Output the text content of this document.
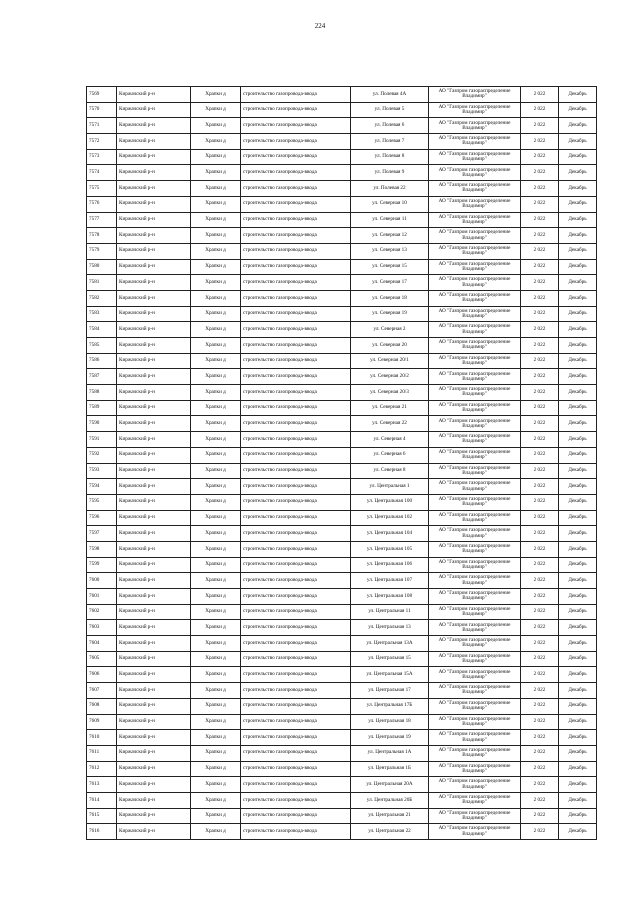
224
7569	Киржачский р-н	Храпки д	строительство газопровода-ввода	ул. Полевая 4А	АО "Газпром газораспределение Владимир"	2 022	Декабрь
7570	Киржачский р-н	Храпки д	строительство газопровода-ввода	ул. Полевая 5	АО "Газпром газораспределение Владимир"	2 022	Декабрь
7571	Киржачский р-н	Храпки д	строительство газопровода-ввода	ул. Полевая 6	АО "Газпром газораспределение Владимир"	2 022	Декабрь
7572	Киржачский р-н	Храпки д	строительство газопровода-ввода	ул. Полевая 7	АО "Газпром газораспределение Владимир"	2 022	Декабрь
7573	Киржачский р-н	Храпки д	строительство газопровода-ввода	ул. Полевая 8	АО "Газпром газораспределение Владимир"	2 022	Декабрь
7574	Киржачский р-н	Храпки д	строительство газопровода-ввода	ул. Полевая 9	АО "Газпром газораспределение Владимир"	2 022	Декабрь
7575	Киржачский р-н	Храпки д	строительство газопровода-ввода	ул. Полевая 22	АО "Газпром газораспределение Владимир"	2 022	Декабрь
7576	Киржачский р-н	Храпки д	строительство газопровода-ввода	ул. Северная 10	АО "Газпром газораспределение Владимир"	2 022	Декабрь
7577	Киржачский р-н	Храпки д	строительство газопровода-ввода	ул. Северная 11	АО "Газпром газораспределение Владимир"	2 022	Декабрь
7578	Киржачский р-н	Храпки д	строительство газопровода-ввода	ул. Северная 12	АО "Газпром газораспределение Владимир"	2 022	Декабрь
7579	Киржачский р-н	Храпки д	строительство газопровода-ввода	ул. Северная 13	АО "Газпром газораспределение Владимир"	2 022	Декабрь
7580	Киржачский р-н	Храпки д	строительство газопровода-ввода	ул. Северная 15	АО "Газпром газораспределение Владимир"	2 022	Декабрь
7581	Киржачский р-н	Храпки д	строительство газопровода-ввода	ул. Северная 17	АО "Газпром газораспределение Владимир"	2 022	Декабрь
7582	Киржачский р-н	Храпки д	строительство газопровода-ввода	ул. Северная 18	АО "Газпром газораспределение Владимир"	2 022	Декабрь
7583	Киржачский р-н	Храпки д	строительство газопровода-ввода	ул. Северная 19	АО "Газпром газораспределение Владимир"	2 022	Декабрь
7584	Киржачский р-н	Храпки д	строительство газопровода-ввода	ул. Северная 2	АО "Газпром газораспределение Владимир"	2 022	Декабрь
7585	Киржачский р-н	Храпки д	строительство газопровода-ввода	ул. Северная 20	АО "Газпром газораспределение Владимир"	2 022	Декабрь
7586	Киржачский р-н	Храпки д	строительство газопровода-ввода	ул. Северная 20/1	АО "Газпром газораспределение Владимир"	2 022	Декабрь
7587	Киржачский р-н	Храпки д	строительство газопровода-ввода	ул. Северная 20/2	АО "Газпром газораспределение Владимир"	2 022	Декабрь
7588	Киржачский р-н	Храпки д	строительство газопровода-ввода	ул. Северная 20/3	АО "Газпром газораспределение Владимир"	2 022	Декабрь
7589	Киржачский р-н	Храпки д	строительство газопровода-ввода	ул. Северная 21	АО "Газпром газораспределение Владимир"	2 022	Декабрь
7590	Киржачский р-н	Храпки д	строительство газопровода-ввода	ул. Северная 22	АО "Газпром газораспределение Владимир"	2 022	Декабрь
7591	Киржачский р-н	Храпки д	строительство газопровода-ввода	ул. Северная 4	АО "Газпром газораспределение Владимир"	2 022	Декабрь
7592	Киржачский р-н	Храпки д	строительство газопровода-ввода	ул. Северная 6	АО "Газпром газораспределение Владимир"	2 022	Декабрь
7593	Киржачский р-н	Храпки д	строительство газопровода-ввода	ул. Северная 8	АО "Газпром газораспределение Владимир"	2 022	Декабрь
7594	Киржачский р-н	Храпки д	строительство газопровода-ввода	ул. Центральная 1	АО "Газпром газораспределение Владимир"	2 022	Декабрь
7595	Киржачский р-н	Храпки д	строительство газопровода-ввода	ул. Центральная 100	АО "Газпром газораспределение Владимир"	2 022	Декабрь
7596	Киржачский р-н	Храпки д	строительство газопровода-ввода	ул. Центральная 102	АО "Газпром газораспределение Владимир"	2 022	Декабрь
7597	Киржачский р-н	Храпки д	строительство газопровода-ввода	ул. Центральная 104	АО "Газпром газораспределение Владимир"	2 022	Декабрь
7598	Киржачский р-н	Храпки д	строительство газопровода-ввода	ул. Центральная 105	АО "Газпром газораспределение Владимир"	2 022	Декабрь
7599	Киржачский р-н	Храпки д	строительство газопровода-ввода	ул. Центральная 106	АО "Газпром газораспределение Владимир"	2 022	Декабрь
7600	Киржачский р-н	Храпки д	строительство газопровода-ввода	ул. Центральная 107	АО "Газпром газораспределение Владимир"	2 022	Декабрь
7601	Киржачский р-н	Храпки д	строительство газопровода-ввода	ул. Центральная 108	АО "Газпром газораспределение Владимир"	2 022	Декабрь
7602	Киржачский р-н	Храпки д	строительство газопровода-ввода	ул. Центральная 11	АО "Газпром газораспределение Владимир"	2 022	Декабрь
7603	Киржачский р-н	Храпки д	строительство газопровода-ввода	ул. Центральная 13	АО "Газпром газораспределение Владимир"	2 022	Декабрь
7604	Киржачский р-н	Храпки д	строительство газопровода-ввода	ул. Центральная 13А	АО "Газпром газораспределение Владимир"	2 022	Декабрь
7605	Киржачский р-н	Храпки д	строительство газопровода-ввода	ул. Центральная 15	АО "Газпром газораспределение Владимир"	2 022	Декабрь
7606	Киржачский р-н	Храпки д	строительство газопровода-ввода	ул. Центральная 15А	АО "Газпром газораспределение Владимир"	2 022	Декабрь
7607	Киржачский р-н	Храпки д	строительство газопровода-ввода	ул. Центральная 17	АО "Газпром газораспределение Владимир"	2 022	Декабрь
7608	Киржачский р-н	Храпки д	строительство газопровода-ввода	ул. Центральная 17Б	АО "Газпром газораспределение Владимир"	2 022	Декабрь
7609	Киржачский р-н	Храпки д	строительство газопровода-ввода	ул. Центральная 18	АО "Газпром газораспределение Владимир"	2 022	Декабрь
7610	Киржачский р-н	Храпки д	строительство газопровода-ввода	ул. Центральная 19	АО "Газпром газораспределение Владимир"	2 022	Декабрь
7611	Киржачский р-н	Храпки д	строительство газопровода-ввода	ул. Центральная 1А	АО "Газпром газораспределение Владимир"	2 022	Декабрь
7612	Киржачский р-н	Храпки д	строительство газопровода-ввода	ул. Центральная 1Б	АО "Газпром газораспределение Владимир"	2 022	Декабрь
7613	Киржачский р-н	Храпки д	строительство газопровода-ввода	ул. Центральная 20А	АО "Газпром газораспределение Владимир"	2 022	Декабрь
7614	Киржачский р-н	Храпки д	строительство газопровода-ввода	ул. Центральная 20Б	АО "Газпром газораспределение Владимир"	2 022	Декабрь
7615	Киржачский р-н	Храпки д	строительство газопровода-ввода	ул. Центральная 21	АО "Газпром газораспределение Владимир"	2 022	Декабрь
7616	Киржачский р-н	Храпки д	строительство газопровода-ввода	ул. Центральная 22	АО "Газпром газораспределение Владимир"	2 022	Декабрь
